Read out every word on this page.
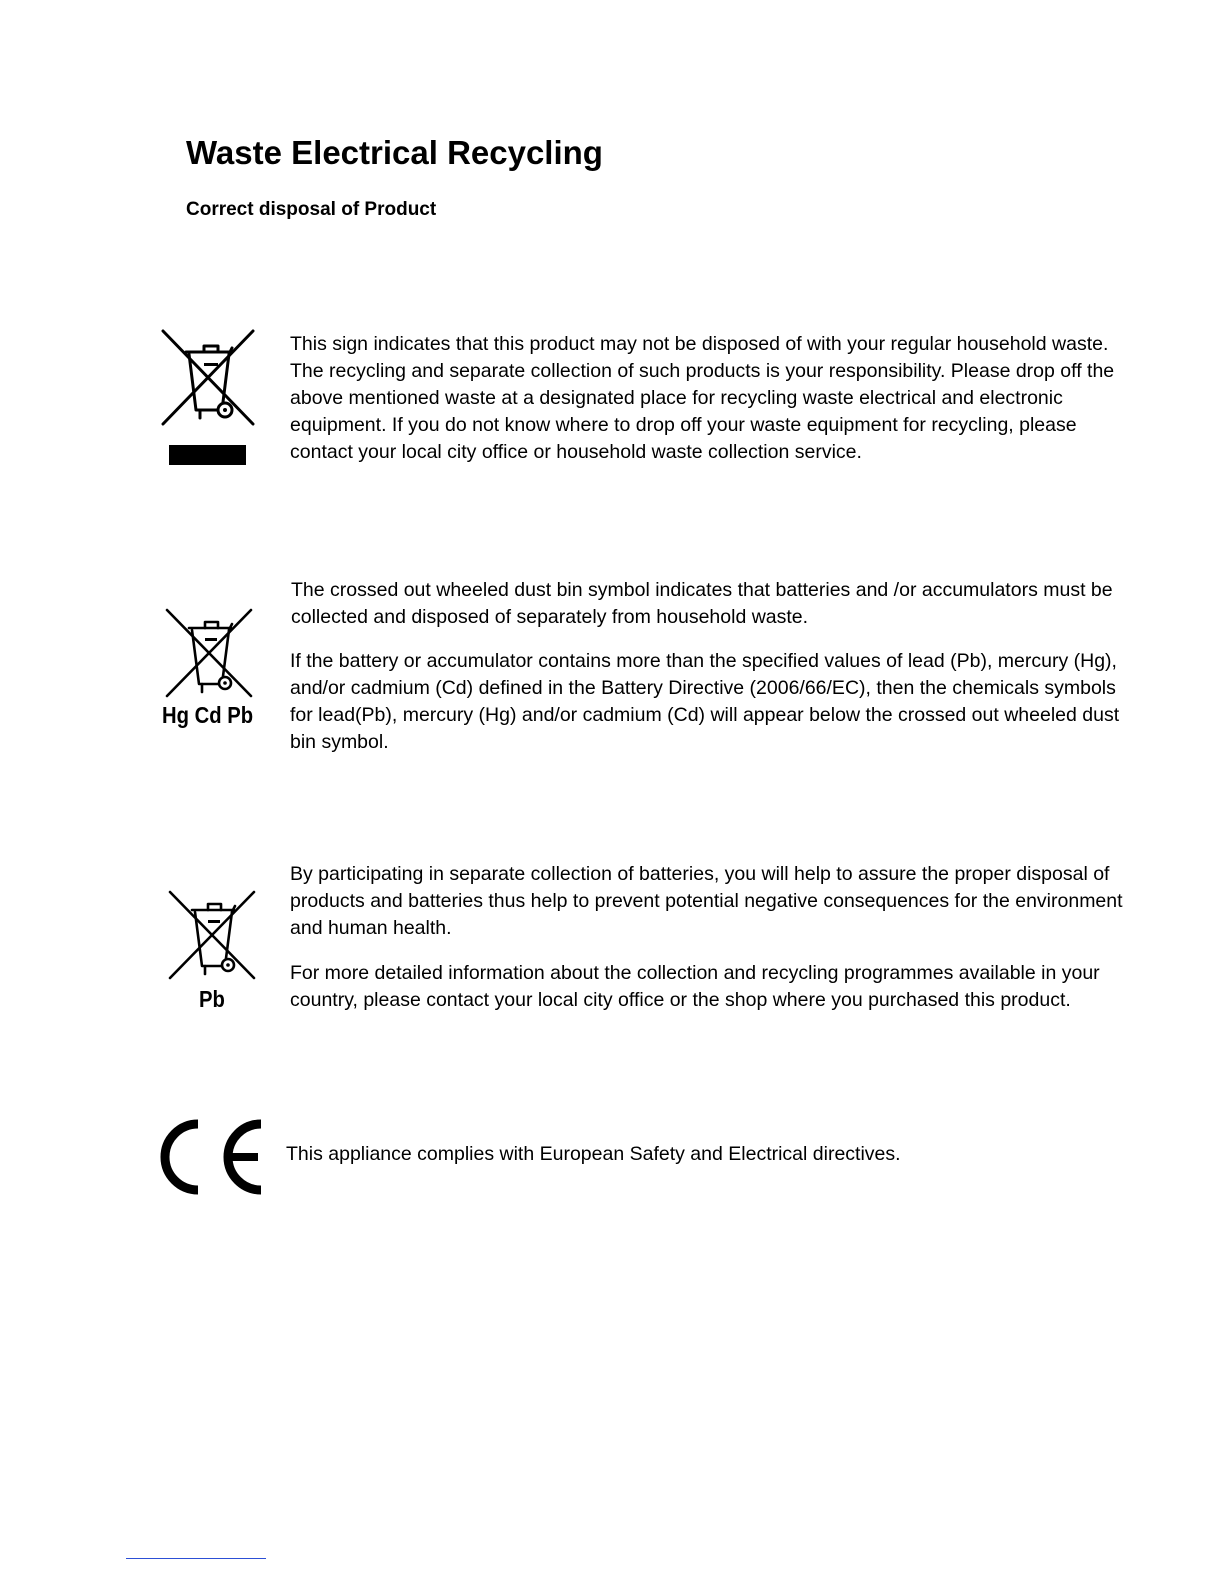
Waste Electrical Recycling
Correct disposal of Product

This sign indicates that this product may not be disposed of with your regular household waste. The recycling and separate collection of such products is your responsibility. Please drop off the above mentioned waste at a designated place for recycling waste electrical and electronic equipment. If you do not know where to drop off your waste equipment for recycling, please contact your local city office or household waste collection service.

Hg Cd Pb

The crossed out wheeled dust bin symbol indicates that batteries and /or accumulators must be collected and disposed of separately from household waste.

If the battery or accumulator contains more than the specified values of lead (Pb), mercury (Hg), and/or cadmium (Cd) defined in the Battery Directive (2006/66/EC), then the chemicals symbols for lead(Pb), mercury (Hg) and/or cadmium (Cd) will appear below the crossed out wheeled dust bin symbol.

Pb

By participating in separate collection of batteries, you will help to assure the proper disposal of products and batteries thus help to prevent potential negative consequences for the environment and human health.

For more detailed information about the collection and recycling programmes available in your country, please contact your local city office or the shop where you purchased this product.

This appliance complies with European Safety and Electrical directives.
